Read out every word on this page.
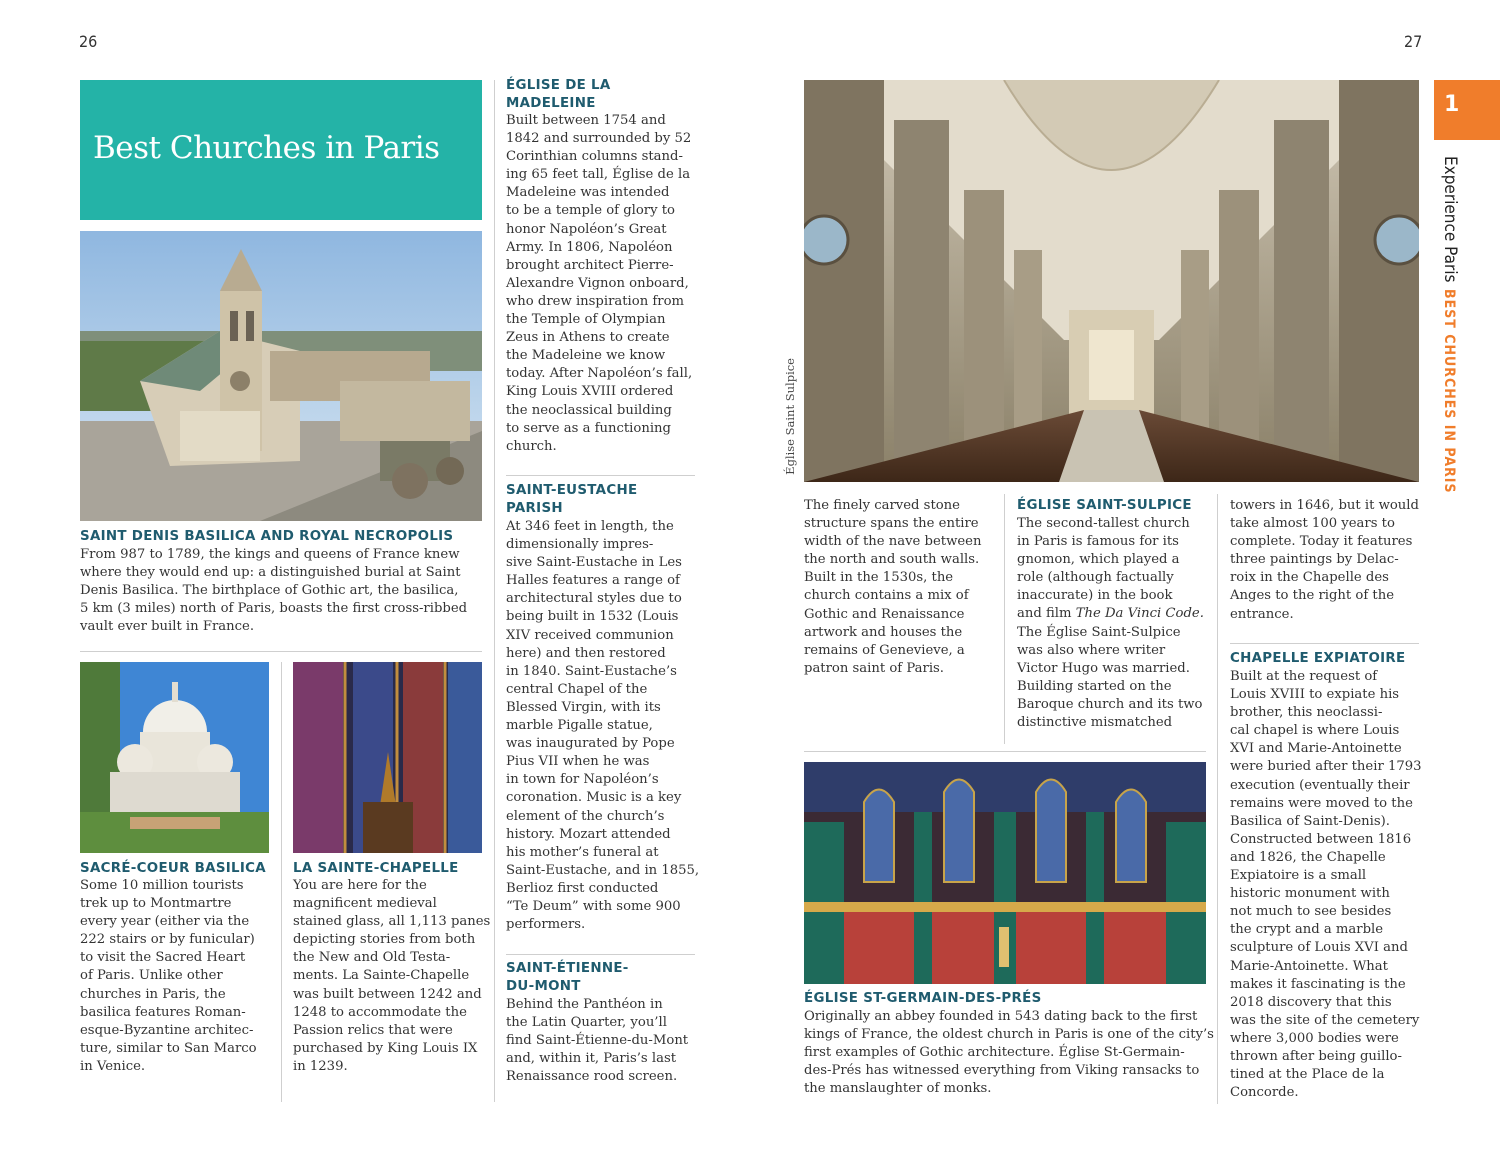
26	27
Best Churches in Paris
SAINT DENIS BASILICA AND ROYAL NECROPOLIS
From 987 to 1789, the kings and queens of France knew
where they would end up: a distinguished burial at Saint
Denis Basilica. The birthplace of Gothic art, the basilica,
5 km (3 miles) north of Paris, boasts the first cross-ribbed
vault ever built in France.
SACRÉ-COEUR BASILICA
Some 10 million tourists
trek up to Montmartre
every year (either via the
222 stairs or by funicular)
to visit the Sacred Heart
of Paris. Unlike other
churches in Paris, the
basilica features Roman-
esque-Byzantine architec-
ture, similar to San Marco
in Venice.
LA SAINTE-CHAPELLE
You are here for the
magnificent medieval
stained glass, all 1,113 panes
depicting stories from both
the New and Old Testa-
ments. La Sainte-Chapelle
was built between 1242 and
1248 to accommodate the
Passion relics that were
purchased by King Louis IX
in 1239.
ÉGLISE DE LA
MADELEINE
Built between 1754 and
1842 and surrounded by 52
Corinthian columns stand-
ing 65 feet tall, Église de la
Madeleine was intended
to be a temple of glory to
honor Napoléon’s Great
Army. In 1806, Napoléon
brought architect Pierre-
Alexandre Vignon onboard,
who drew inspiration from
the Temple of Olympian
Zeus in Athens to create
the Madeleine we know
today. After Napoléon’s fall,
King Louis XVIII ordered
the neoclassical building
to serve as a functioning
church.
SAINT-EUSTACHE
PARISH
At 346 feet in length, the
dimensionally impres-
sive Saint-Eustache in Les
Halles features a range of
architectural styles due to
being built in 1532 (Louis
XIV received communion
here) and then restored
in 1840. Saint-Eustache’s
central Chapel of the
Blessed Virgin, with its
marble Pigalle statue,
was inaugurated by Pope
Pius VII when he was
in town for Napoléon’s
coronation. Music is a key
element of the church’s
history. Mozart attended
his mother’s funeral at
Saint-Eustache, and in 1855,
Berlioz first conducted
“Te Deum” with some 900
performers.
SAINT-ÉTIENNE-
DU-MONT
Behind the Panthéon in
the Latin Quarter, you’ll
find Saint-Étienne-du-Mont
and, within it, Paris’s last
Renaissance rood screen.
Église Saint Sulpice
The finely carved stone
structure spans the entire
width of the nave between
the north and south walls.
Built in the 1530s, the
church contains a mix of
Gothic and Renaissance
artwork and houses the
remains of Genevieve, a
patron saint of Paris.
ÉGLISE SAINT-SULPICE
The second-tallest church
in Paris is famous for its
gnomon, which played a
role (although factually
inaccurate) in the book
and film The Da Vinci Code.
The Église Saint-Sulpice
was also where writer
Victor Hugo was married.
Building started on the
Baroque church and its two
distinctive mismatched
towers in 1646, but it would
take almost 100 years to
complete. Today it features
three paintings by Delac-
roix in the Chapelle des
Anges to the right of the
entrance.
CHAPELLE EXPIATOIRE
Built at the request of
Louis XVIII to expiate his
brother, this neoclassi-
cal chapel is where Louis
XVI and Marie-Antoinette
were buried after their 1793
execution (eventually their
remains were moved to the
Basilica of Saint-Denis).
Constructed between 1816
and 1826, the Chapelle
Expiatoire is a small
historic monument with
not much to see besides
the crypt and a marble
sculpture of Louis XVI and
Marie-Antoinette. What
makes it fascinating is the
2018 discovery that this
was the site of the cemetery
where 3,000 bodies were
thrown after being guillo-
tined at the Place de la
Concorde.
ÉGLISE ST-GERMAIN-DES-PRÉS
Originally an abbey founded in 543 dating back to the first
kings of France, the oldest church in Paris is one of the city’s
first examples of Gothic architecture. Église St-Germain-
des-Prés has witnessed everything from Viking ransacks to
the manslaughter of monks.
1
Experience Paris
BEST CHURCHES IN PARIS
